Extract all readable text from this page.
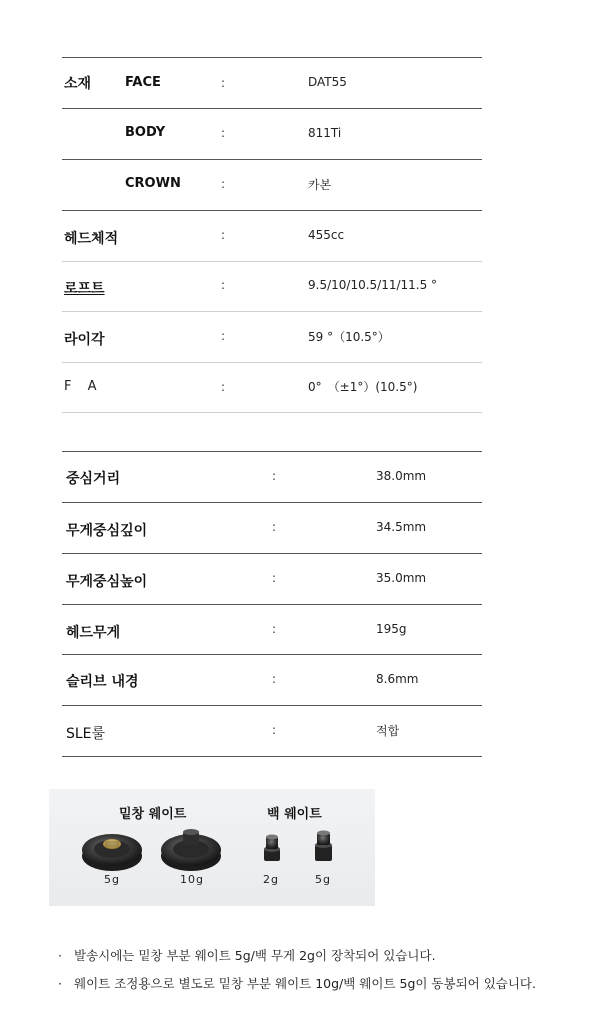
소재	FACE	:	DAT55
BODY	:	811Ti
CROWN	:	카본
헤드체적	:	455cc
로프트	:	9.5/10/10.5/11/11.5 °
라이각	:	59 °（10.5°）
F A	:	0°　（±1°）(10.5°)
중심거리	:	38.0mm
무게중심깊이	:	34.5mm
무게중심높이	:	35.0mm
헤드무게	:	195g
슬리브 내경	:	8.6mm
SLE룰	:	적합
밑창 웨이트	백 웨이트
5g	10g	2g	5g
· 발송시에는 밑창 부분 웨이트 5g/백 무게 2g이 장착되어 있습니다.
· 웨이트 조정용으로 별도로 밑창 부분 웨이트 10g/백 웨이트 5g이 동봉되어 있습니다.
